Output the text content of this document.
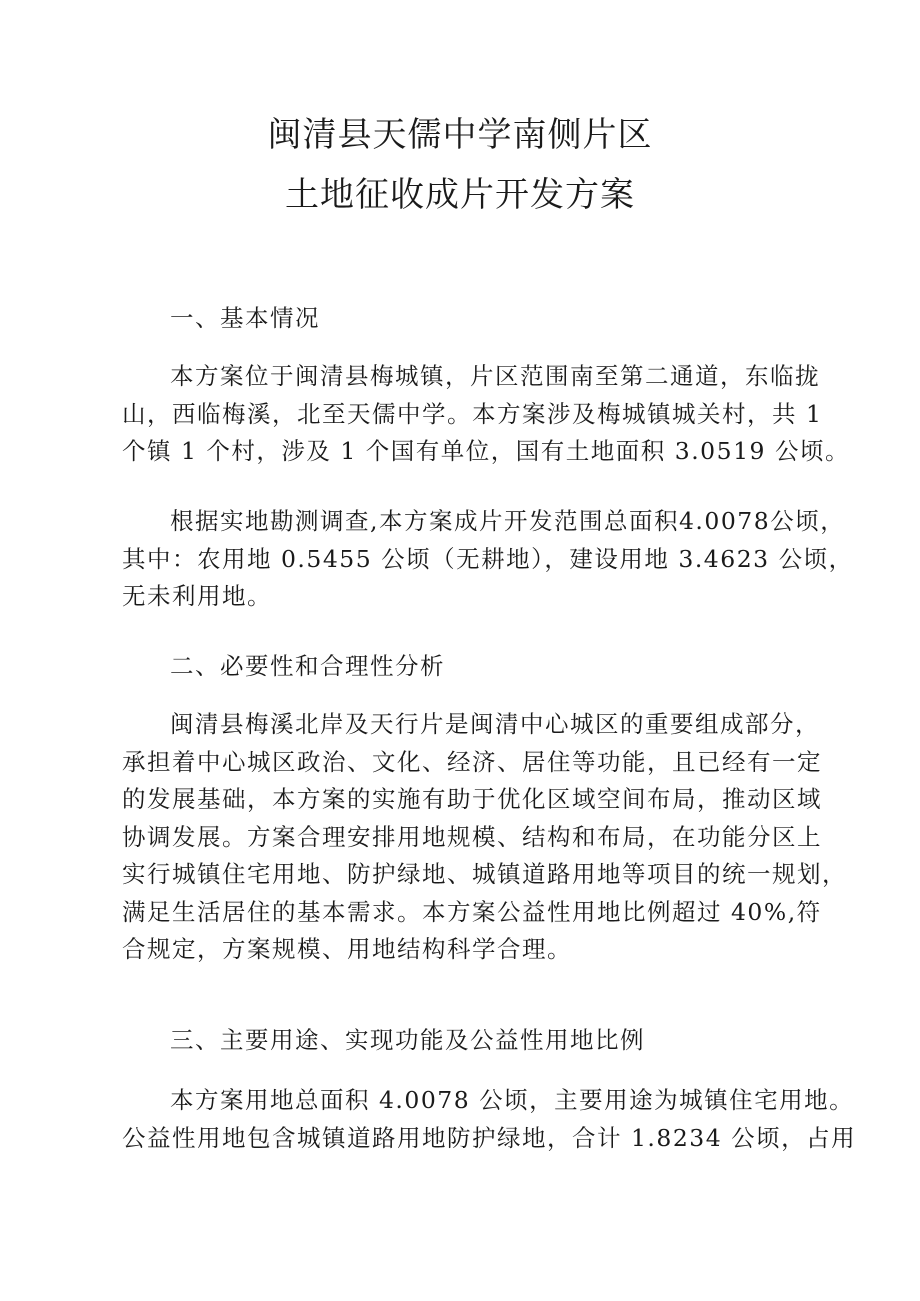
闽清县天儒中学南侧片区
土地征收成片开发方案
一、基本情况
本方案位于闽清县梅城镇，片区范围南至第二通道，东临拢
山，西临梅溪，北至天儒中学。本方案涉及梅城镇城关村，共 1
个镇 1 个村，涉及 1 个国有单位，国有土地面积 3.0519 公顷。
根据实地勘测调查,本方案成片开发范围总面积4.0078公顷，
其中：农用地 0.5455 公顷（无耕地），建设用地 3.4623 公顷，
无未利用地。
二、必要性和合理性分析
闽清县梅溪北岸及天行片是闽清中心城区的重要组成部分，
承担着中心城区政治、文化、经济、居住等功能，且已经有一定
的发展基础，本方案的实施有助于优化区域空间布局，推动区域
协调发展。方案合理安排用地规模、结构和布局，在功能分区上
实行城镇住宅用地、防护绿地、城镇道路用地等项目的统一规划，
满足生活居住的基本需求。本方案公益性用地比例超过 40%,符
合规定，方案规模、用地结构科学合理。
三、主要用途、实现功能及公益性用地比例
本方案用地总面积 4.0078 公顷，主要用途为城镇住宅用地。
公益性用地包含城镇道路用地防护绿地，合计 1.8234 公顷，占用
